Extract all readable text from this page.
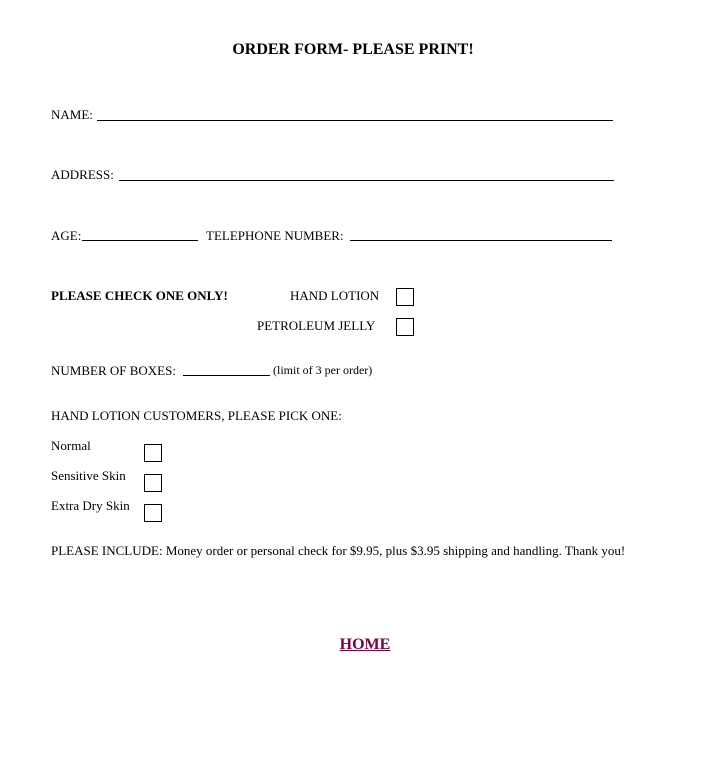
ORDER FORM- PLEASE PRINT!
NAME:
ADDRESS:
AGE:	TELEPHONE NUMBER:
PLEASE CHECK ONE ONLY!	HAND LOTION
PETROLEUM JELLY
NUMBER OF BOXES:	(limit of 3 per order)
HAND LOTION CUSTOMERS, PLEASE PICK ONE:
Normal
Sensitive Skin
Extra Dry Skin
PLEASE INCLUDE: Money order or personal check for $9.95, plus $3.95 shipping and handling. Thank you!
HOME
